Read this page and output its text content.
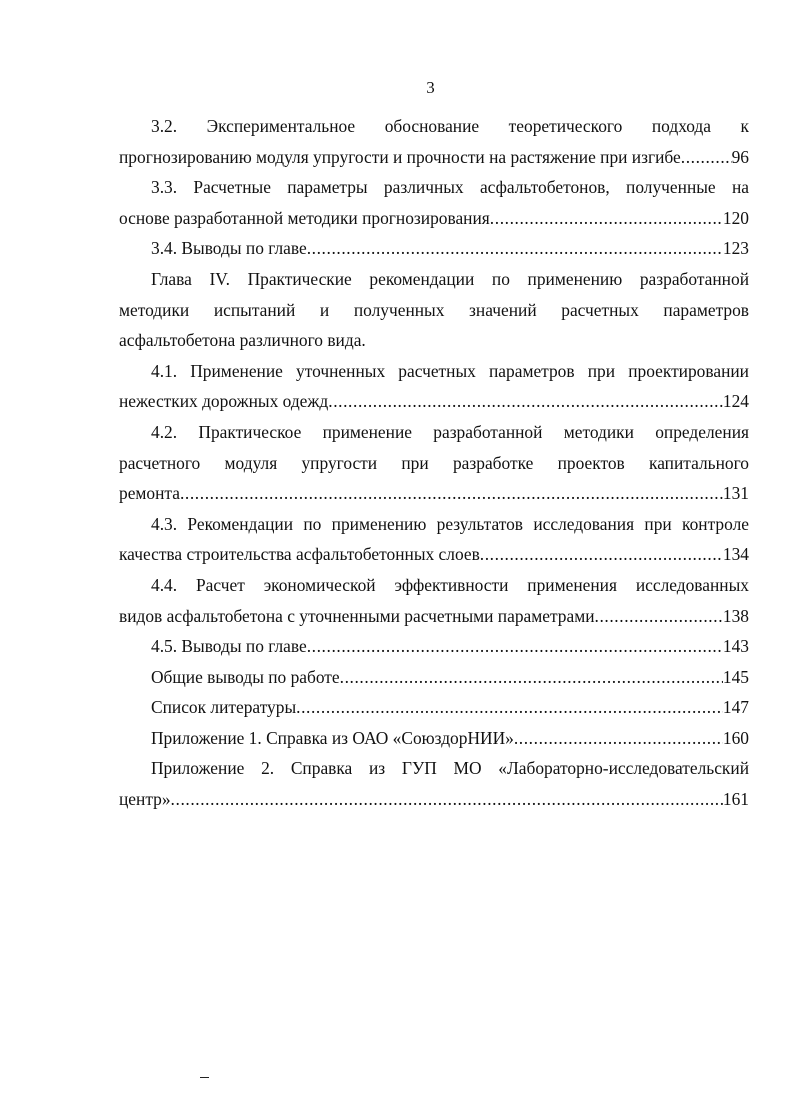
3
3.2. Экспериментальное обоснование теоретического подхода к
прогнозированию модуля упругости и прочности на растяжение при изгибе .....	96
3.3. Расчетные параметры различных асфальтобетонов, полученные на
основе разработанной методики прогнозирования .....	120
3.4. Выводы по главе .....	123
Глава IV. Практические рекомендации по применению разработанной
методики испытаний и полученных значений расчетных параметров
асфальтобетона различного вида.
4.1. Применение уточненных расчетных параметров при проектировании
нежестких дорожных одежд .....	124
4.2. Практическое применение разработанной методики определения
расчетного модуля упругости при разработке проектов капитального
ремонта .....	131
4.3. Рекомендации по применению результатов исследования при контроле
качества строительства асфальтобетонных слоев .....	134
4.4. Расчет экономической эффективности применения исследованных
видов асфальтобетона с уточненными расчетными параметрами .....	138
4.5. Выводы по главе .....	143
Общие выводы по работе .....	145
Список литературы .....	147
Приложение 1. Справка из ОАО «СоюздорНИИ» .....	160
Приложение 2. Справка из ГУП МО «Лабораторно-исследовательский
центр» .....	161
